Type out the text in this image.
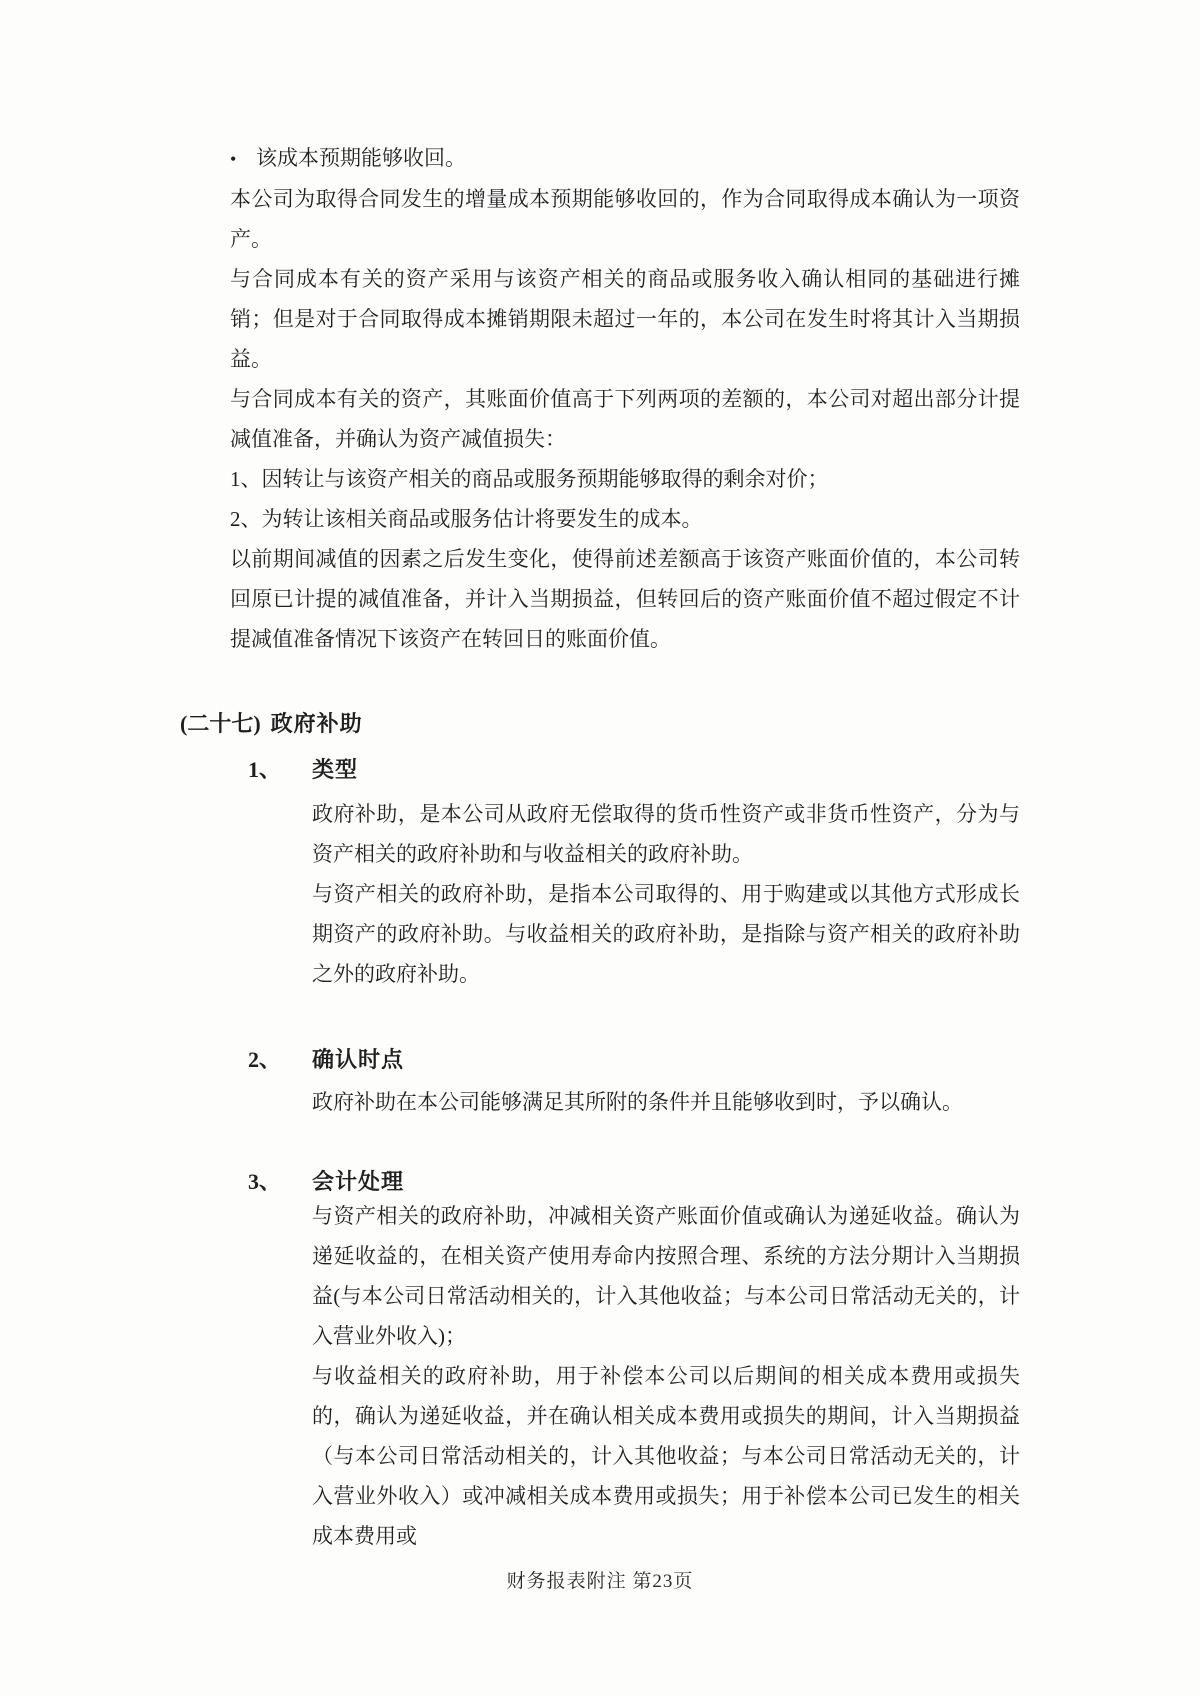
• 该成本预期能够收回。

本公司为取得合同发生的增量成本预期能够收回的，作为合同取得成本确认为一项资产。

与合同成本有关的资产采用与该资产相关的商品或服务收入确认相同的基础进行摊销；但是对于合同取得成本摊销期限未超过一年的，本公司在发生时将其计入当期损益。

与合同成本有关的资产，其账面价值高于下列两项的差额的，本公司对超出部分计提减值准备，并确认为资产减值损失：

1、因转让与该资产相关的商品或服务预期能够取得的剩余对价；

2、为转让该相关商品或服务估计将要发生的成本。

以前期间减值的因素之后发生变化，使得前述差额高于该资产账面价值的，本公司转回原已计提的减值准备，并计入当期损益，但转回后的资产账面价值不超过假定不计提减值准备情况下该资产在转回日的账面价值。

(二十七) 政府补助
1、 类型

政府补助，是本公司从政府无偿取得的货币性资产或非货币性资产，分为与资产相关的政府补助和与收益相关的政府补助。

与资产相关的政府补助，是指本公司取得的、用于购建或以其他方式形成长期资产的政府补助。与收益相关的政府补助，是指除与资产相关的政府补助之外的政府补助。

2、 确认时点

政府补助在本公司能够满足其所附的条件并且能够收到时，予以确认。

3、 会计处理

与资产相关的政府补助，冲减相关资产账面价值或确认为递延收益。确认为递延收益的，在相关资产使用寿命内按照合理、系统的方法分期计入当期损益(与本公司日常活动相关的，计入其他收益；与本公司日常活动无关的，计入营业外收入)；

与收益相关的政府补助，用于补偿本公司以后期间的相关成本费用或损失的，确认为递延收益，并在确认相关成本费用或损失的期间，计入当期损益（与本公司日常活动相关的，计入其他收益；与本公司日常活动无关的，计入营业外收入）或冲减相关成本费用或损失；用于补偿本公司已发生的相关成本费用或

财务报表附注 第23页
